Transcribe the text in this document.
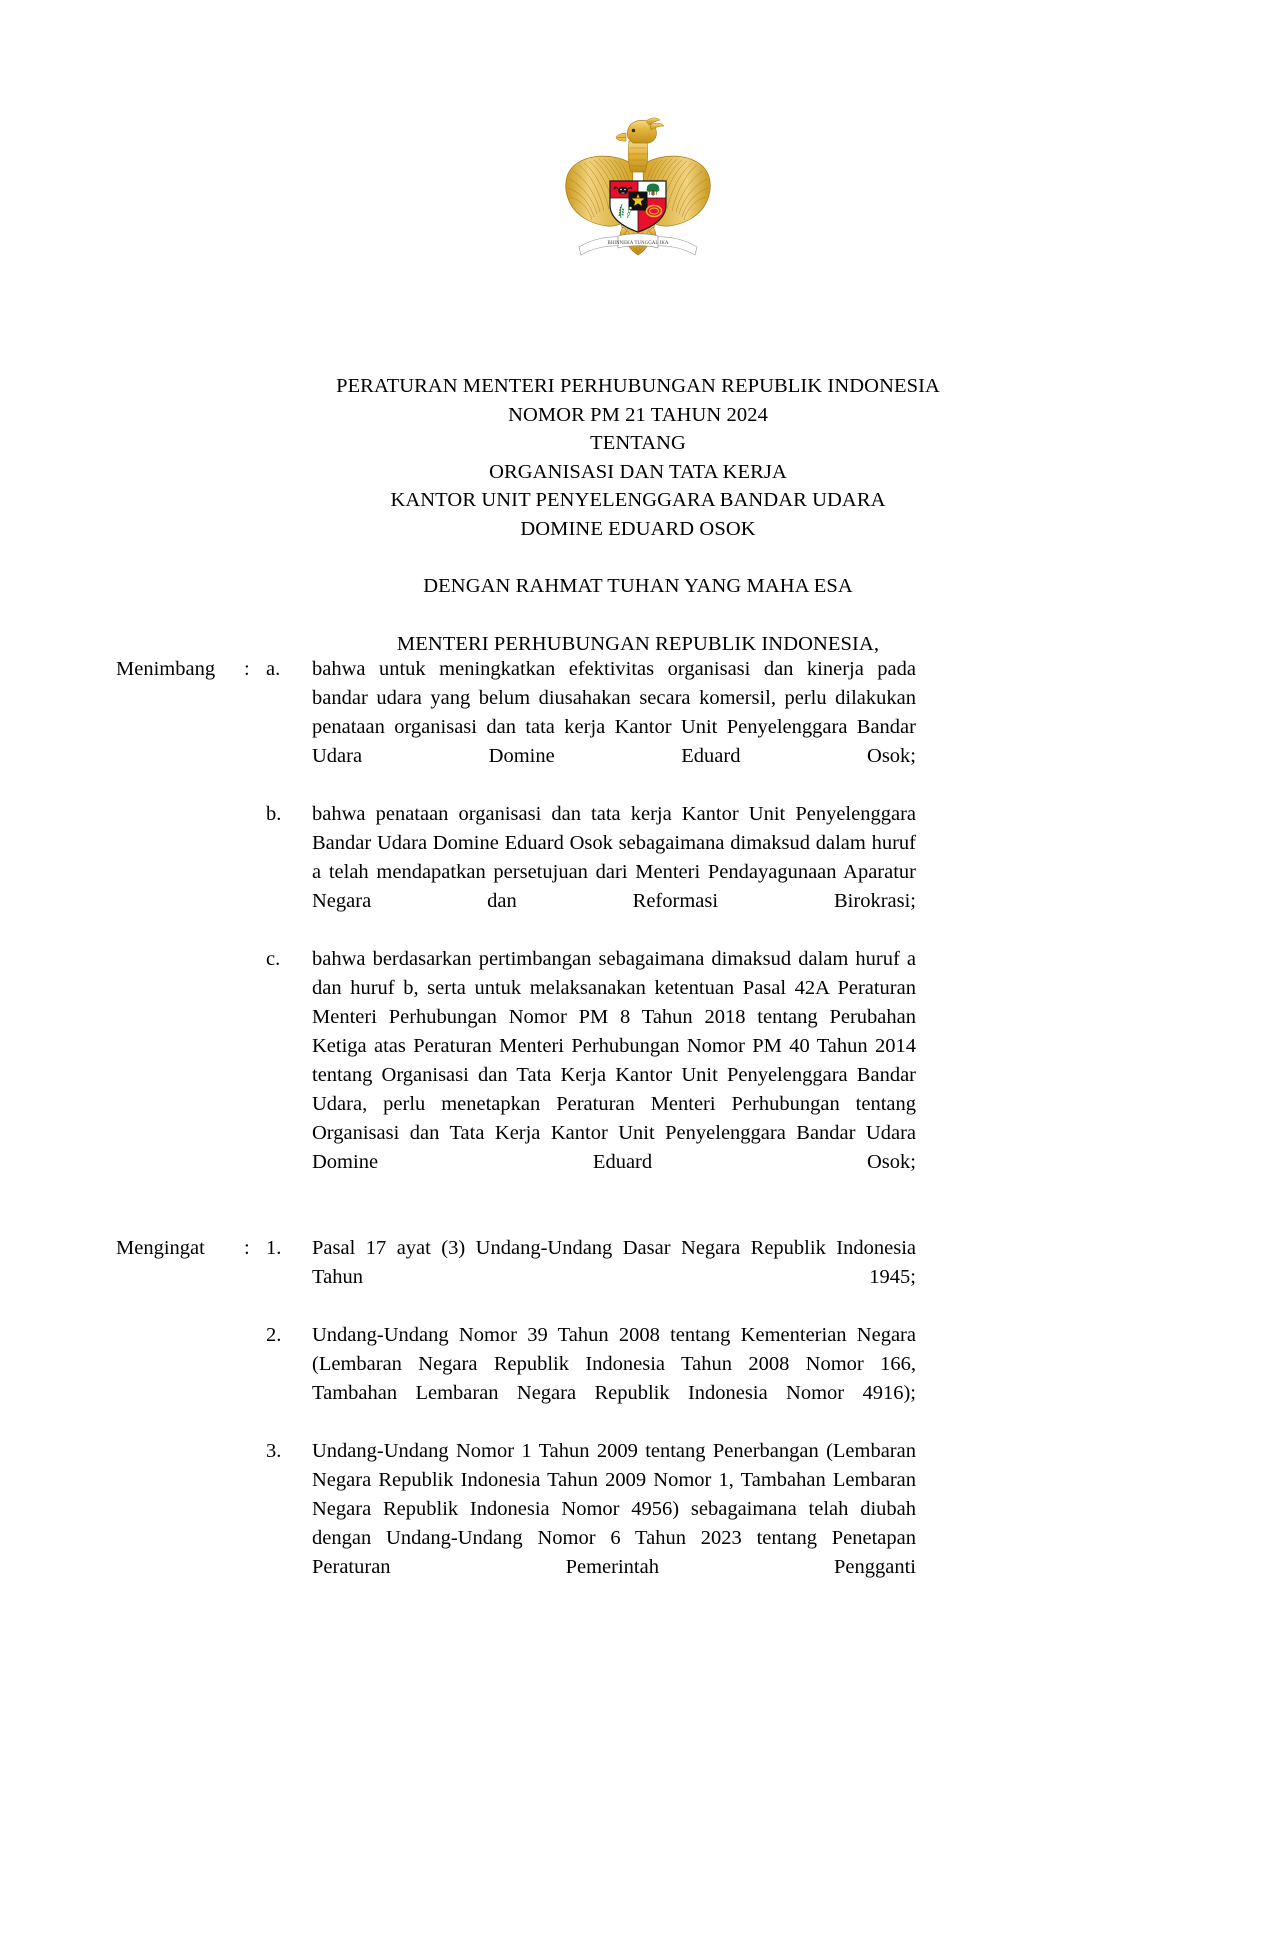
BHINNEKA TUNGGAL IKA
PERATURAN MENTERI PERHUBUNGAN REPUBLIK INDONESIA
NOMOR PM 21 TAHUN 2024
TENTANG
ORGANISASI DAN TATA KERJA
KANTOR UNIT PENYELENGGARA BANDAR UDARA
DOMINE EDUARD OSOK
DENGAN RAHMAT TUHAN YANG MAHA ESA
MENTERI PERHUBUNGAN REPUBLIK INDONESIA,
Menimbang	: a.	bahwa untuk meningkatkan efektivitas organisasi dan kinerja pada bandar udara yang belum diusahakan secara komersil, perlu dilakukan penataan organisasi dan tata kerja Kantor Unit Penyelenggara Bandar Udara Domine Eduard Osok;
b.	bahwa penataan organisasi dan tata kerja Kantor Unit Penyelenggara Bandar Udara Domine Eduard Osok sebagaimana dimaksud dalam huruf a telah mendapatkan persetujuan dari Menteri Pendayagunaan Aparatur Negara dan Reformasi Birokrasi;
c.	bahwa berdasarkan pertimbangan sebagaimana dimaksud dalam huruf a dan huruf b, serta untuk melaksanakan ketentuan Pasal 42A Peraturan Menteri Perhubungan Nomor PM 8 Tahun 2018 tentang Perubahan Ketiga atas Peraturan Menteri Perhubungan Nomor PM 40 Tahun 2014 tentang Organisasi dan Tata Kerja Kantor Unit Penyelenggara Bandar Udara, perlu menetapkan Peraturan Menteri Perhubungan tentang Organisasi dan Tata Kerja Kantor Unit Penyelenggara Bandar Udara Domine Eduard Osok;
Mengingat	: 1.	Pasal 17 ayat (3) Undang-Undang Dasar Negara Republik Indonesia Tahun 1945;
2.	Undang-Undang Nomor 39 Tahun 2008 tentang Kementerian Negara (Lembaran Negara Republik Indonesia Tahun 2008 Nomor 166, Tambahan Lembaran Negara Republik Indonesia Nomor 4916);
3.	Undang-Undang Nomor 1 Tahun 2009 tentang Penerbangan (Lembaran Negara Republik Indonesia Tahun 2009 Nomor 1, Tambahan Lembaran Negara Republik Indonesia Nomor 4956) sebagaimana telah diubah dengan Undang-Undang Nomor 6 Tahun 2023 tentang Penetapan Peraturan Pemerintah Pengganti
